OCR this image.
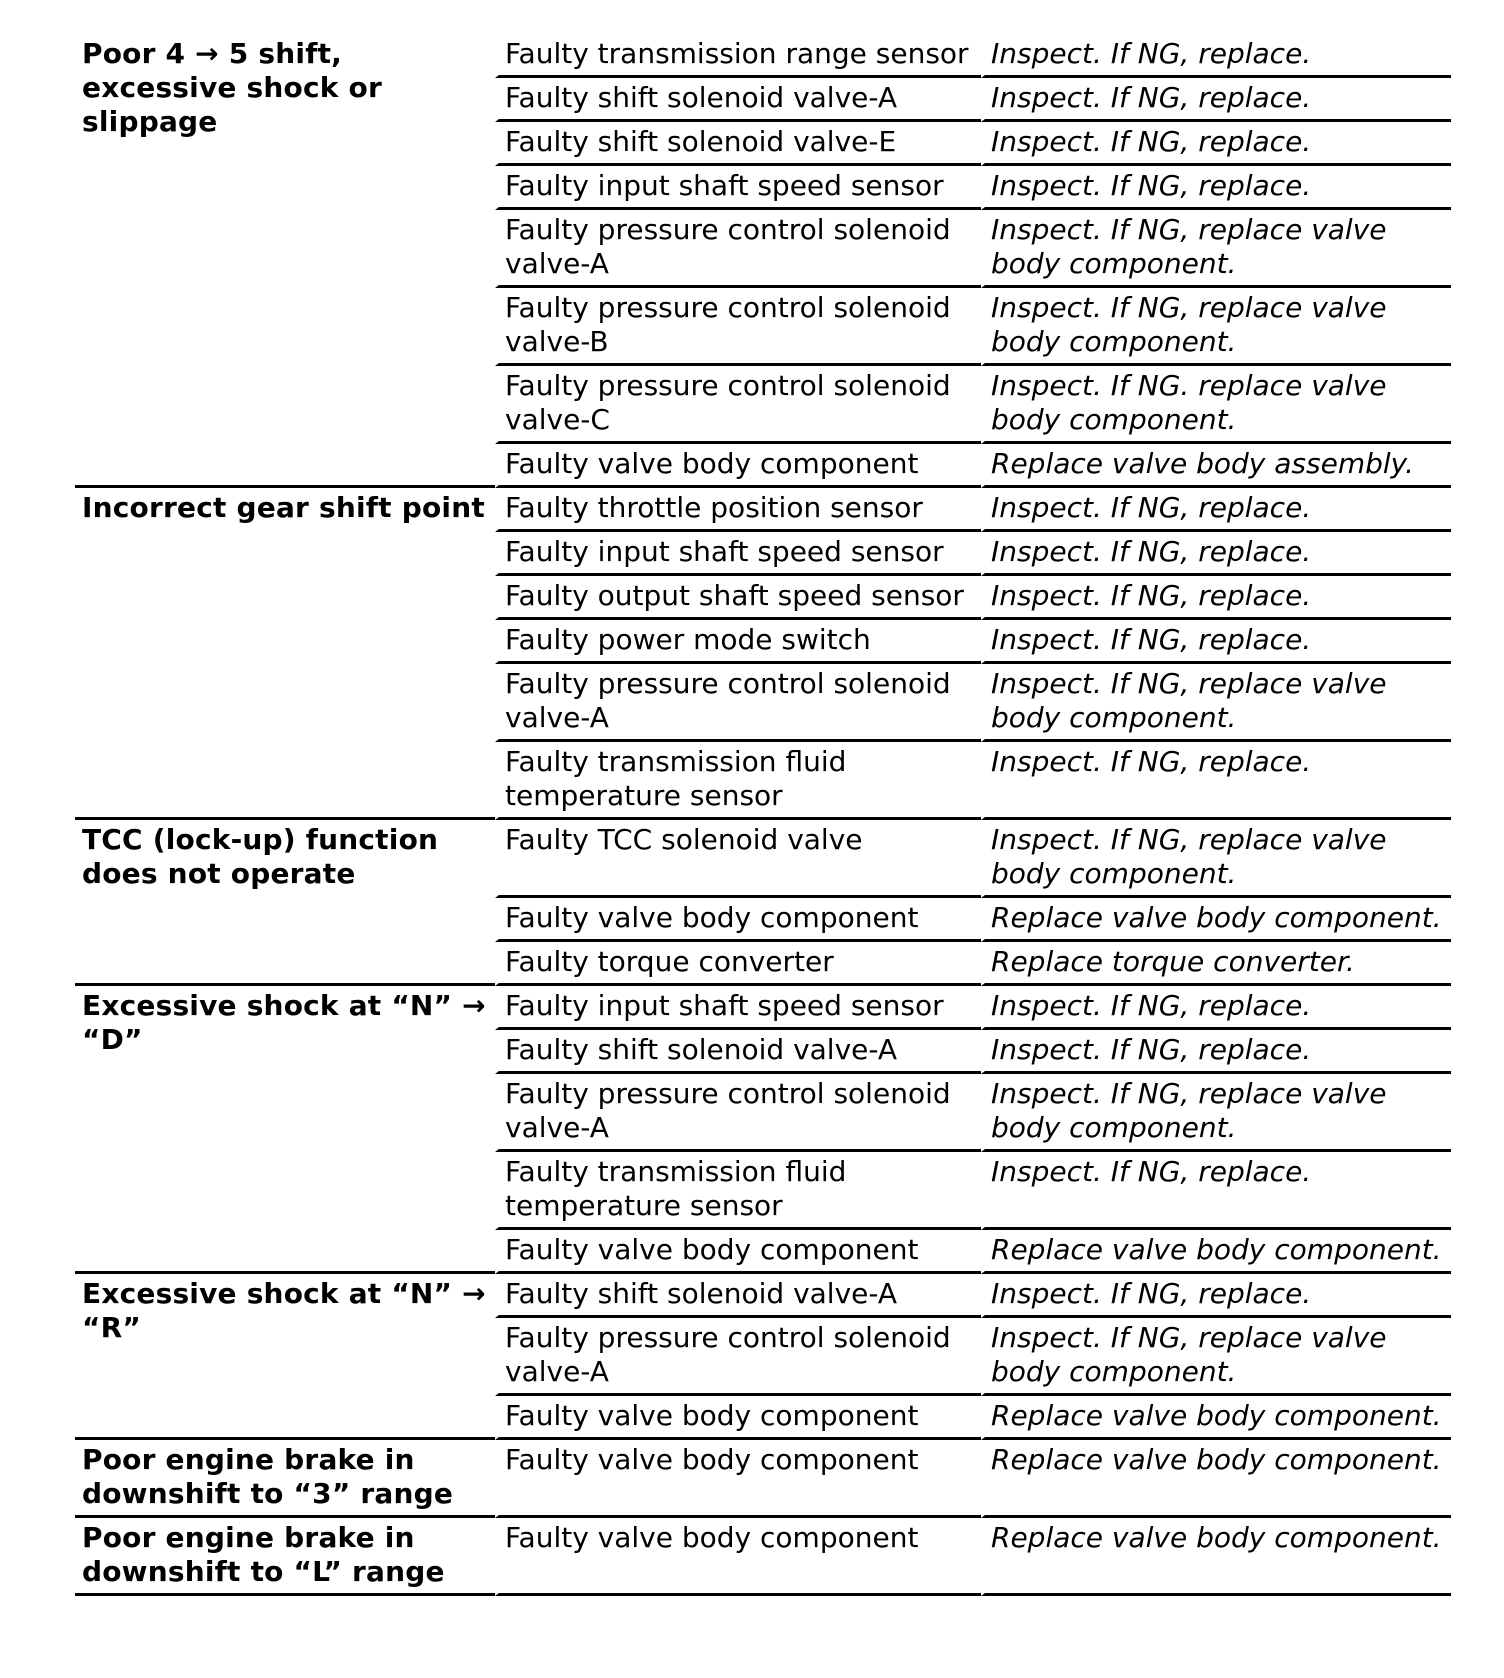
Poor 4 → 5 shift, excessive shock or slippage	Faulty transmission range sensor	Inspect. If NG, replace.
	Faulty shift solenoid valve-A	Inspect. If NG, replace.
	Faulty shift solenoid valve-E	Inspect. If NG, replace.
	Faulty input shaft speed sensor	Inspect. If NG, replace.
	Faulty pressure control solenoid valve-A	Inspect. If NG, replace valve body component.
	Faulty pressure control solenoid valve-B	Inspect. If NG, replace valve body component.
	Faulty pressure control solenoid valve-C	Inspect. If NG. replace valve body component.
	Faulty valve body component	Replace valve body assembly.
Incorrect gear shift point	Faulty throttle position sensor	Inspect. If NG, replace.
	Faulty input shaft speed sensor	Inspect. If NG, replace.
	Faulty output shaft speed sensor	Inspect. If NG, replace.
	Faulty power mode switch	Inspect. If NG, replace.
	Faulty pressure control solenoid valve-A	Inspect. If NG, replace valve body component.
	Faulty transmission fluid temperature sensor	Inspect. If NG, replace.
TCC (lock-up) function does not operate	Faulty TCC solenoid valve	Inspect. If NG, replace valve body component.
	Faulty valve body component	Replace valve body component.
	Faulty torque converter	Replace torque converter.
Excessive shock at “N” → “D”	Faulty input shaft speed sensor	Inspect. If NG, replace.
	Faulty shift solenoid valve-A	Inspect. If NG, replace.
	Faulty pressure control solenoid valve-A	Inspect. If NG, replace valve body component.
	Faulty transmission fluid temperature sensor	Inspect. If NG, replace.
	Faulty valve body component	Replace valve body component.
Excessive shock at “N” → “R”	Faulty shift solenoid valve-A	Inspect. If NG, replace.
	Faulty pressure control solenoid valve-A	Inspect. If NG, replace valve body component.
	Faulty valve body component	Replace valve body component.
Poor engine brake in downshift to “3” range	Faulty valve body component	Replace valve body component.
Poor engine brake in downshift to “L” range	Faulty valve body component	Replace valve body component.
